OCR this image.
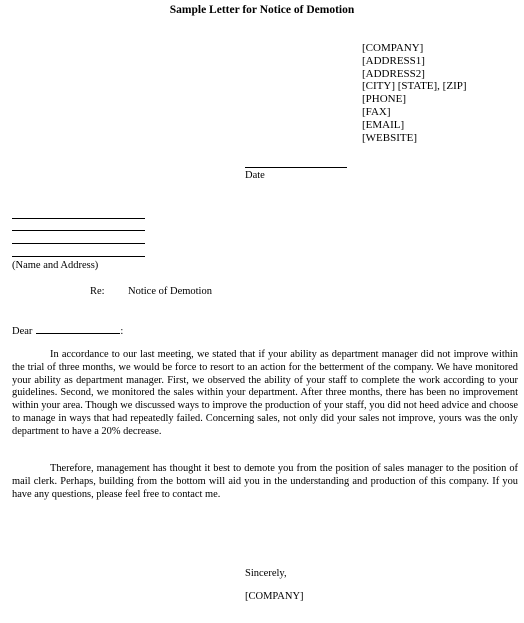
Sample Letter for Notice of Demotion
[COMPANY]
[ADDRESS1]
[ADDRESS2]
[CITY] [STATE], [ZIP]
[PHONE]
[FAX]
[EMAIL]
[WEBSITE]
Date
(Name and Address)
Re: Notice of Demotion
Dear	:
In accordance to our last meeting, we stated that if your ability as department manager did not improve within the trial of three months, we would be force to resort to an action for the betterment of the company. We have monitored your ability as department manager. First, we observed the ability of your staff to complete the work according to your guidelines. Second, we monitored the sales within your department. After three months, there has been no improvement within your area. Though we discussed ways to improve the production of your staff, you did not heed advice and choose to manage in ways that had repeatedly failed. Concerning sales, not only did your sales not improve, yours was the only department to have a 20% decrease.
Therefore, management has thought it best to demote you from the position of sales manager to the position of mail clerk. Perhaps, building from the bottom will aid you in the understanding and production of this company. If you have any questions, please feel free to contact me.
Sincerely,
[COMPANY]
